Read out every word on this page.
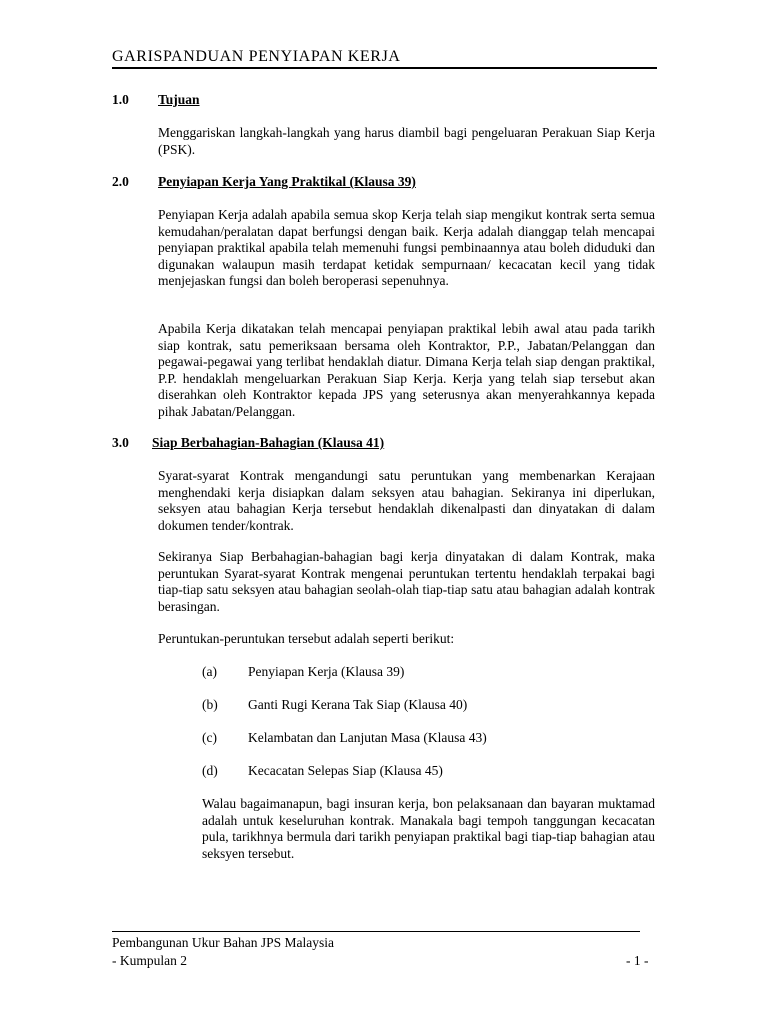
GARISPANDUAN PENYIAPAN KERJA
1.0 Tujuan
Menggariskan langkah-langkah yang harus diambil bagi pengeluaran Perakuan Siap Kerja (PSK).
2.0 Penyiapan Kerja Yang Praktikal (Klausa 39)
Penyiapan Kerja adalah apabila semua skop Kerja telah siap mengikut kontrak serta semua kemudahan/peralatan dapat berfungsi dengan baik. Kerja adalah dianggap telah mencapai penyiapan praktikal apabila telah memenuhi fungsi pembinaannya atau boleh diduduki dan digunakan walaupun masih terdapat ketidak sempurnaan/ kecacatan kecil yang tidak menjejaskan fungsi dan boleh beroperasi sepenuhnya.
Apabila Kerja dikatakan telah mencapai penyiapan praktikal lebih awal atau pada tarikh siap kontrak, satu pemeriksaan bersama oleh Kontraktor, P.P., Jabatan/Pelanggan dan pegawai-pegawai yang terlibat hendaklah diatur. Dimana Kerja telah siap dengan praktikal, P.P. hendaklah mengeluarkan Perakuan Siap Kerja. Kerja yang telah siap tersebut akan diserahkan oleh Kontraktor kepada JPS yang seterusnya akan menyerahkannya kepada pihak Jabatan/Pelanggan.
3.0 Siap Berbahagian-Bahagian (Klausa 41)
Syarat-syarat Kontrak mengandungi satu peruntukan yang membenarkan Kerajaan menghendaki kerja disiapkan dalam seksyen atau bahagian. Sekiranya ini diperlukan, seksyen atau bahagian Kerja tersebut hendaklah dikenalpasti dan dinyatakan di dalam dokumen tender/kontrak.
Sekiranya Siap Berbahagian-bahagian bagi kerja dinyatakan di dalam Kontrak, maka peruntukan Syarat-syarat Kontrak mengenai peruntukan tertentu hendaklah terpakai bagi tiap-tiap satu seksyen atau bahagian seolah-olah tiap-tiap satu atau bahagian adalah kontrak berasingan.
Peruntukan-peruntukan tersebut adalah seperti berikut:
(a) Penyiapan Kerja (Klausa 39)
(b) Ganti Rugi Kerana Tak Siap (Klausa 40)
(c) Kelambatan dan Lanjutan Masa (Klausa 43)
(d) Kecacatan Selepas Siap (Klausa 45)
Walau bagaimanapun, bagi insuran kerja, bon pelaksanaan dan bayaran muktamad adalah untuk keseluruhan kontrak. Manakala bagi tempoh tanggungan kecacatan pula, tarikhnya bermula dari tarikh penyiapan praktikal bagi tiap-tiap bahagian atau seksyen tersebut.
Pembangunan Ukur Bahan JPS Malaysia
- Kumpulan 2	- 1 -
